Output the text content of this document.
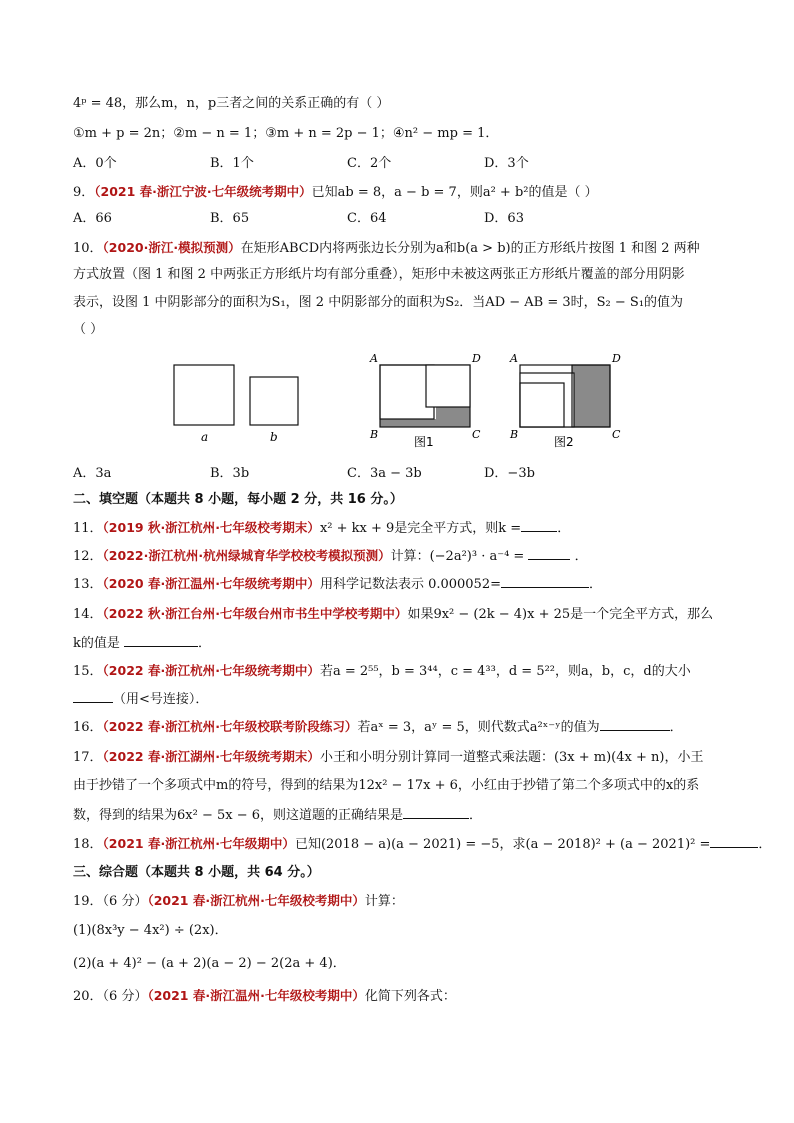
4ᵖ = 48，那么m，n，p三者之间的关系正确的有（ ）
①m + p = 2n；②m − n = 1；③m + n = 2p − 1；④n² − mp = 1．
A．0个	B．1个	C．2个	D．3个
9．（2021 春·浙江宁波·七年级统考期中）已知ab = 8，a − b = 7，则a² + b²的值是（ ）
A．66	B．65	C．64	D．63
10．（2020·浙江·模拟预测）在矩形ABCD内将两张边长分别为a和b(a > b)的正方形纸片按图 1 和图 2 两种
方式放置（图 1 和图 2 中两张正方形纸片均有部分重叠），矩形中未被这两张正方形纸片覆盖的部分用阴影
表示，设图 1 中阴影部分的面积为S₁，图 2 中阴影部分的面积为S₂．当AD − AB = 3时，S₂ − S₁的值为
（ ）
a	b
A	D
B	C
图1
A	D
B	C
图2
A．3a	B．3b	C．3a − 3b	D．−3b
二、填空题（本题共 8 小题，每小题 2 分，共 16 分。）
11．（2019 秋·浙江杭州·七年级校考期末）x² + kx + 9是完全平方式，则k =	．
12．（2022·浙江杭州·杭州绿城育华学校校考模拟预测）计算：(−2a²)³ · a⁻⁴ =	．
13．（2020 春·浙江温州·七年级统考期中）用科学记数法表示 0.000052=	．
14．（2022 秋·浙江台州·七年级台州市书生中学校考期中）如果9x² − (2k − 4)x + 25是一个完全平方式，那么
k的值是	．
15．（2022 春·浙江杭州·七年级统考期中）若a = 2⁵⁵，b = 3⁴⁴，c = 4³³，d = 5²²，则a，b，c，d的大小
（用<号连接）．
16．（2022 春·浙江杭州·七年级校联考阶段练习）若aˣ = 3，aʸ = 5，则代数式a²ˣ⁻ʸ的值为	．
17．（2022 春·浙江湖州·七年级统考期末）小王和小明分别计算同一道整式乘法题：(3x + m)(4x + n)，小王
由于抄错了一个多项式中m的符号，得到的结果为12x² − 17x + 6，小红由于抄错了第二个多项式中的x的系
数，得到的结果为6x² − 5x − 6，则这道题的正确结果是	．
18．（2021 春·浙江杭州·七年级期中）已知(2018 − a)(a − 2021) = −5，求(a − 2018)² + (a − 2021)² =	．
三、综合题（本题共 8 小题，共 64 分。）
19．（6 分）（2021 春·浙江杭州·七年级校考期中）计算：
(1)(8x³y − 4x²) ÷ (2x)．
(2)(a + 4)² − (a + 2)(a − 2) − 2(2a + 4)．
20．（6 分）（2021 春·浙江温州·七年级校考期中）化简下列各式：
